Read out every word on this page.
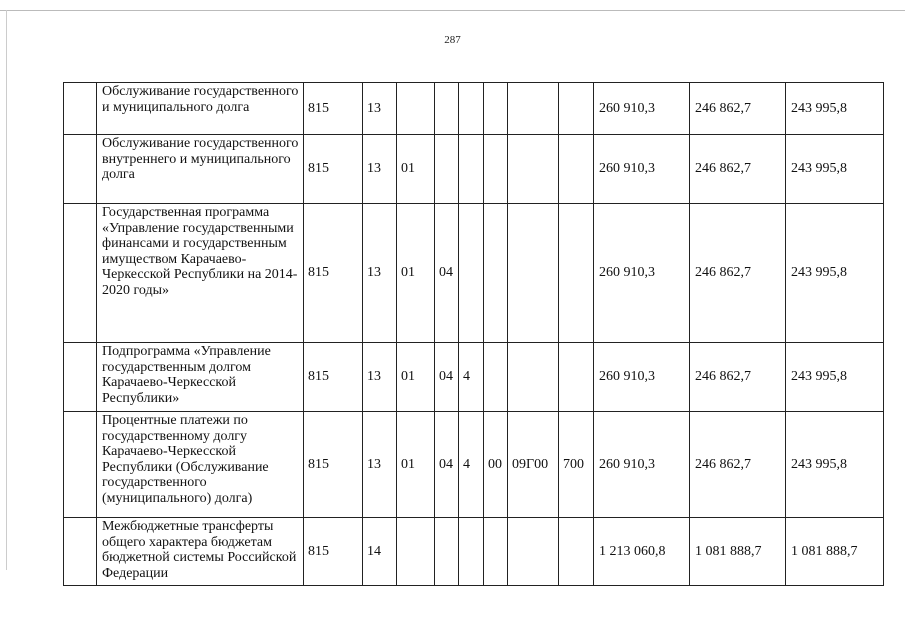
287
	Обслуживание государственного и муниципального долга	815	13							260 910,3	246 862,7	243 995,8
	Обслуживание государственного внутреннего и муниципального долга	815	13	01						260 910,3	246 862,7	243 995,8
	Государственная программа «Управление государственными финансами и государственным имуществом Карачаево-Черкесской Республики на 2014-2020 годы»	815	13	01	04					260 910,3	246 862,7	243 995,8
	Подпрограмма «Управление государственным долгом Карачаево-Черкесской Республики»	815	13	01	04	4				260 910,3	246 862,7	243 995,8
	Процентные платежи по государственному долгу Карачаево-Черкесской Республики (Обслуживание государственного (муниципального) долга)	815	13	01	04	4	00	09Г00	700	260 910,3	246 862,7	243 995,8
	Межбюджетные трансферты общего характера бюджетам бюджетной системы Российской Федерации	815	14							1 213 060,8	1 081 888,7	1 081 888,7
